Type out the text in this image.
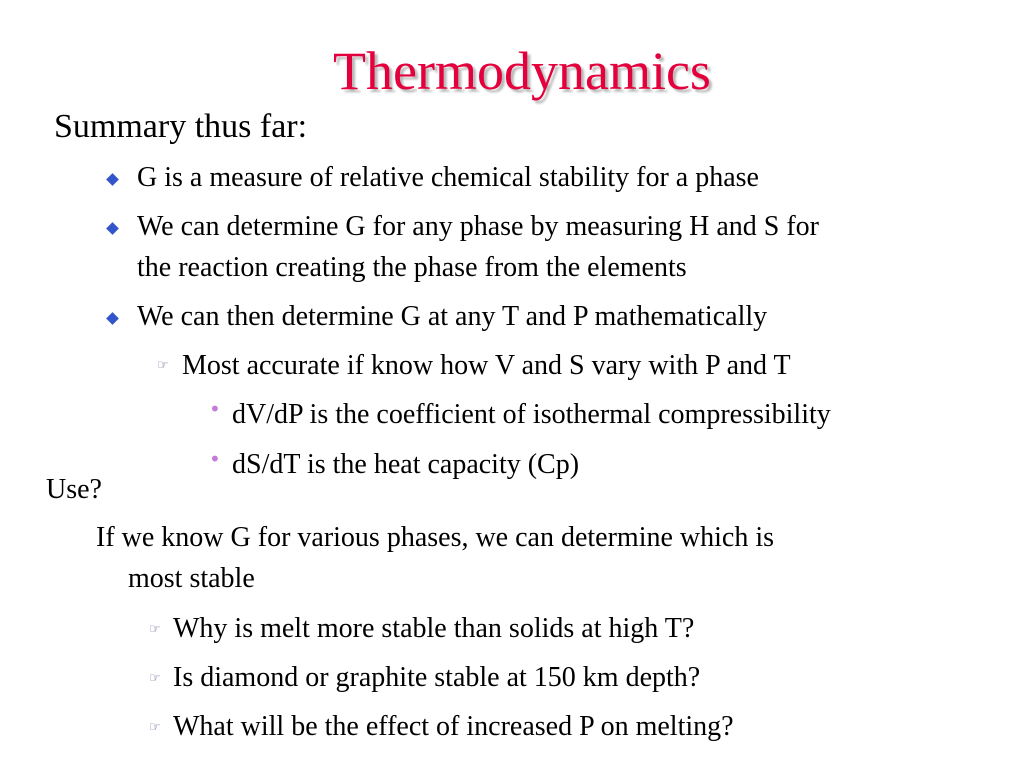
Thermodynamics
Summary thus far:
G is a measure of relative chemical stability for a phase
We can determine G for any phase by measuring H and S for
the reaction creating the phase from the elements
We can then determine G at any T and P mathematically
☞ Most accurate if know how V and S vary with P and T
• dV/dP is the coefficient of isothermal compressibility
• dS/dT is the heat capacity (Cp)
Use?
If we know G for various phases, we can determine which is
most stable
☞ Why is melt more stable than solids at high T?
☞ Is diamond or graphite stable at 150 km depth?
☞ What will be the effect of increased P on melting?
